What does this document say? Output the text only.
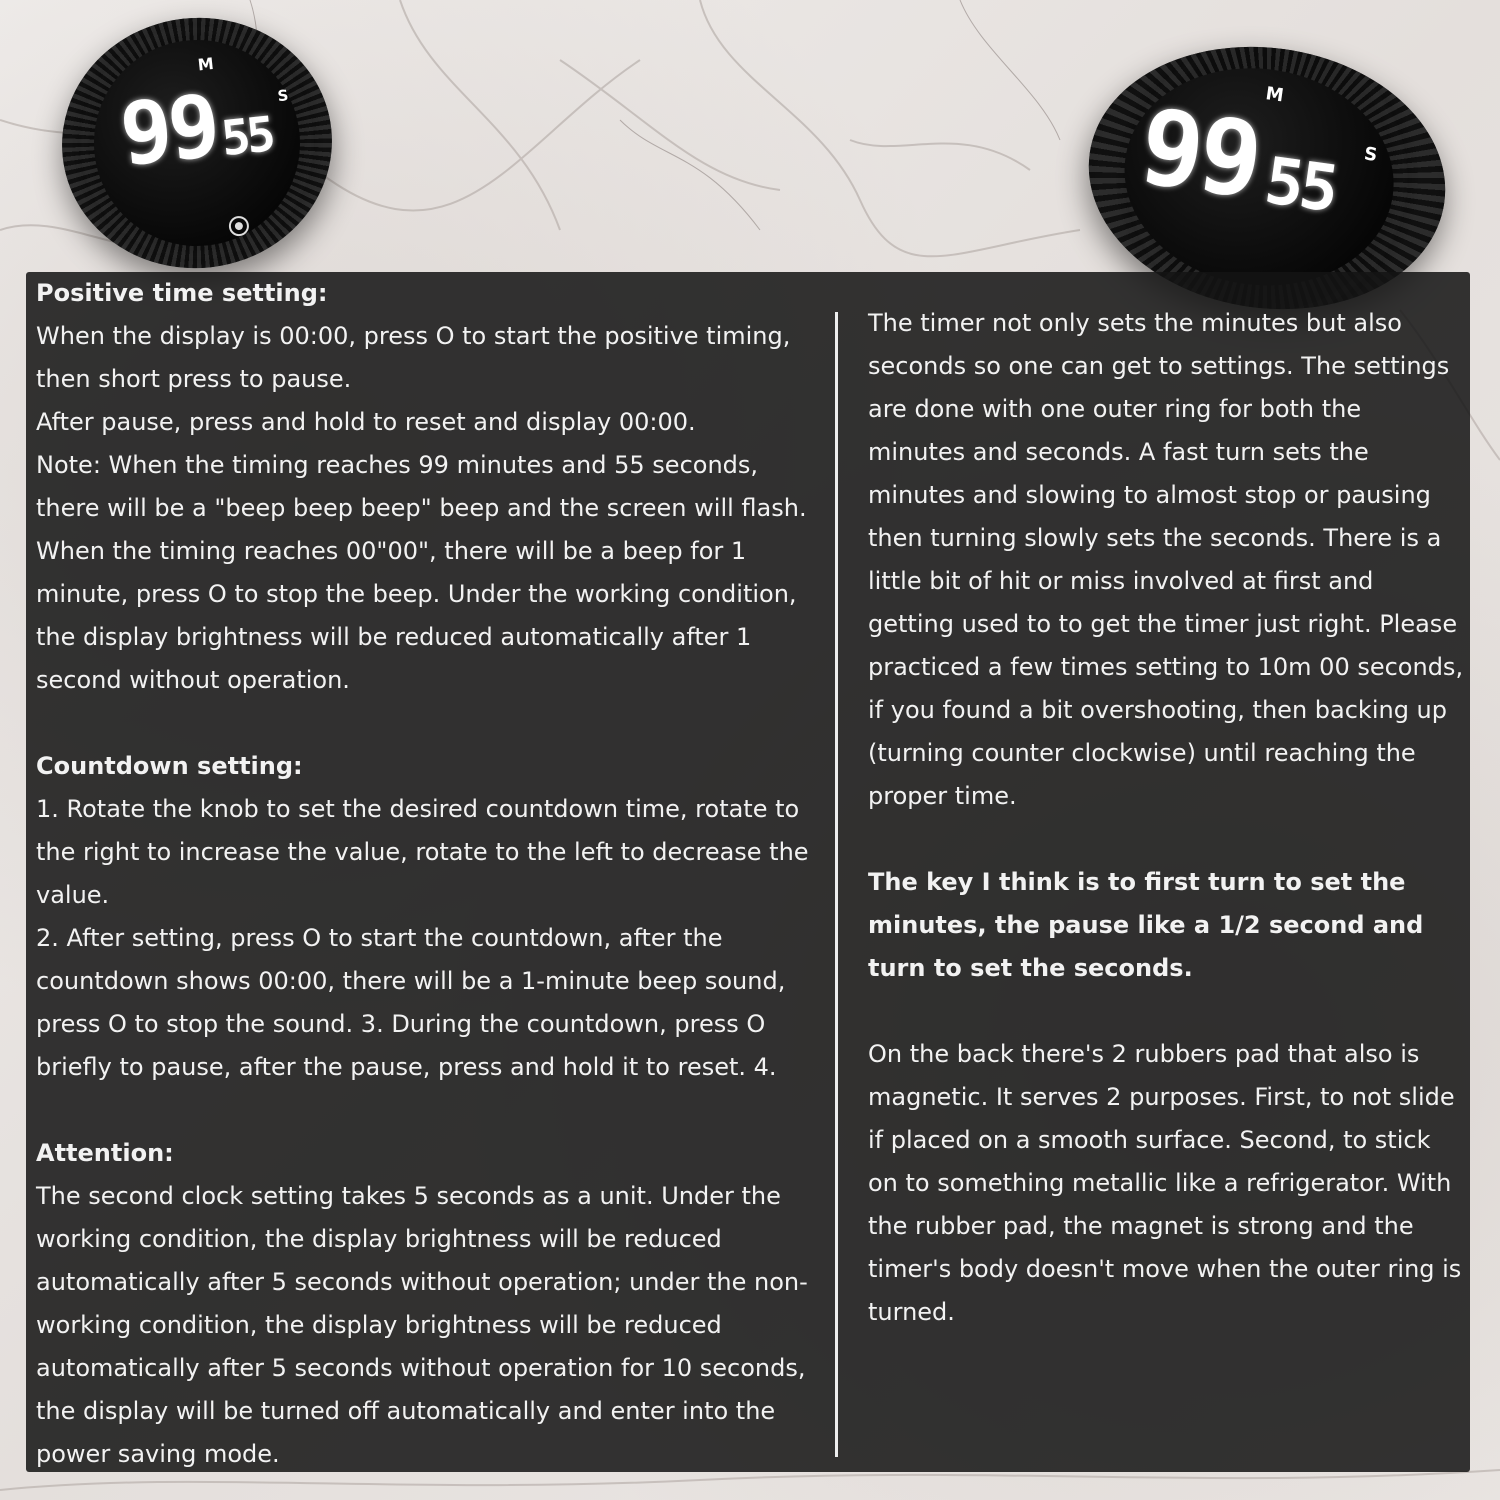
M
S
99
55
M
S
99
55

Positive time setting:

When the display is 00:00, press O to start the positive timing, then short press to pause.

After pause, press and hold to reset and display 00:00.

Note: When the timing reaches 99 minutes and 55 seconds, there will be a "beep beep beep" beep and the screen will flash. When the timing reaches 00"00", there will be a beep for 1 minute, press O to stop the beep. Under the working condition, the display brightness will be reduced automatically after 1 second without operation.

Countdown setting:

1. Rotate the knob to set the desired countdown time, rotate to the right to increase the value, rotate to the left to decrease the value.

2. After setting, press O to start the countdown, after the countdown shows 00:00, there will be a 1-minute beep sound, press O to stop the sound. 3. During the countdown, press O briefly to pause, after the pause, press and hold it to reset. 4.

Attention:

The second clock setting takes 5 seconds as a unit. Under the working condition, the display brightness will be reduced automatically after 5 seconds without operation; under the non-working condition, the display brightness will be reduced automatically after 5 seconds without operation for 10 seconds, the display will be turned off automatically and enter into the power saving mode.

The timer not only sets the minutes but also seconds so one can get to settings. The settings are done with one outer ring for both the minutes and seconds. A fast turn sets the minutes and slowing to almost stop or pausing then turning slowly sets the seconds. There is a little bit of hit or miss involved at first and getting used to to get the timer just right. Please practiced a few times setting to 10m 00 seconds, if you found a bit overshooting, then backing up (turning counter clockwise) until reaching the proper time.

The key I think is to first turn to set the minutes, the pause like a 1/2 second and turn to set the seconds.

On the back there's 2 rubbers pad that also is magnetic. It serves 2 purposes. First, to not slide if placed on a smooth surface. Second, to stick on to something metallic like a refrigerator. With the rubber pad, the magnet is strong and the timer's body doesn't move when the outer ring is turned.
